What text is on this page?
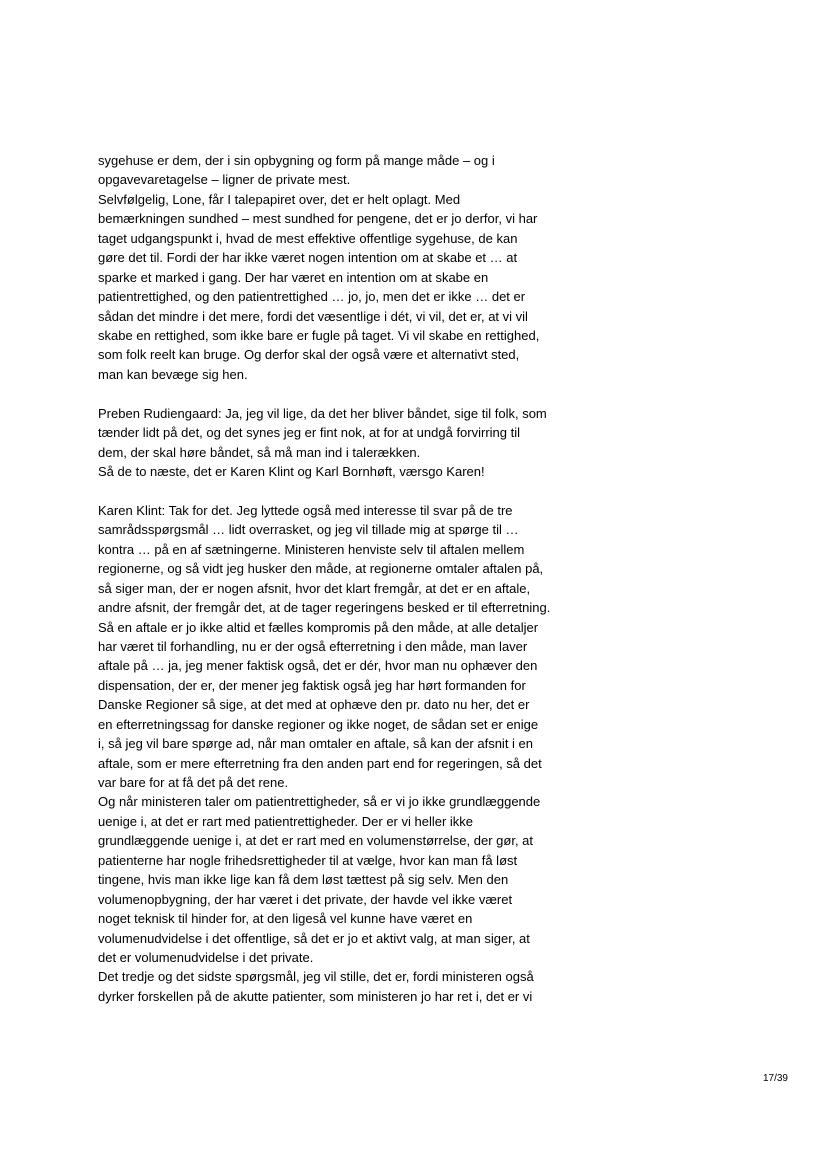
sygehuse er dem, der i sin opbygning og form på mange måde – og i
opgavevaretagelse – ligner de private mest.
Selvfølgelig, Lone, får I talepapiret over, det er helt oplagt. Med
bemærkningen sundhed – mest sundhed for pengene, det er jo derfor, vi har
taget udgangspunkt i, hvad de mest effektive offentlige sygehuse, de kan
gøre det til. Fordi der har ikke været nogen intention om at skabe et … at
sparke et marked i gang. Der har været en intention om at skabe en
patientrettighed, og den patientrettighed … jo, jo, men det er ikke … det er
sådan det mindre i det mere, fordi det væsentlige i dét, vi vil, det er, at vi vil
skabe en rettighed, som ikke bare er fugle på taget. Vi vil skabe en rettighed,
som folk reelt kan bruge. Og derfor skal der også være et alternativt sted,
man kan bevæge sig hen.
Preben Rudiengaard: Ja, jeg vil lige, da det her bliver båndet, sige til folk, som
tænder lidt på det, og det synes jeg er fint nok, at for at undgå forvirring til
dem, der skal høre båndet, så må man ind i talerækken.
Så de to næste, det er Karen Klint og Karl Bornhøft, værsgo Karen!
Karen Klint: Tak for det. Jeg lyttede også med interesse til svar på de tre
samrådsspørgsmål … lidt overrasket, og jeg vil tillade mig at spørge til …
kontra … på en af sætningerne. Ministeren henviste selv til aftalen mellem
regionerne, og så vidt jeg husker den måde, at regionerne omtaler aftalen på,
så siger man, der er nogen afsnit, hvor det klart fremgår, at det er en aftale,
andre afsnit, der fremgår det, at de tager regeringens besked er til efterretning.
Så en aftale er jo ikke altid et fælles kompromis på den måde, at alle detaljer
har været til forhandling, nu er der også efterretning i den måde, man laver
aftale på … ja, jeg mener faktisk også, det er dér, hvor man nu ophæver den
dispensation, der er, der mener jeg faktisk også jeg har hørt formanden for
Danske Regioner så sige, at det med at ophæve den pr. dato nu her, det er
en efterretningssag for danske regioner og ikke noget, de sådan set er enige
i, så jeg vil bare spørge ad, når man omtaler en aftale, så kan der afsnit i en
aftale, som er mere efterretning fra den anden part end for regeringen, så det
var bare for at få det på det rene.
Og når ministeren taler om patientrettigheder, så er vi jo ikke grundlæggende
uenige i, at det er rart med patientrettigheder. Der er vi heller ikke
grundlæggende uenige i, at det er rart med en volumenstørrelse, der gør, at
patienterne har nogle frihedsrettigheder til at vælge, hvor kan man få løst
tingene, hvis man ikke lige kan få dem løst tættest på sig selv. Men den
volumenopbygning, der har været i det private, der havde vel ikke været
noget teknisk til hinder for, at den ligeså vel kunne have været en
volumenudvidelse i det offentlige, så det er jo et aktivt valg, at man siger, at
det er volumenudvidelse i det private.
Det tredje og det sidste spørgsmål, jeg vil stille, det er, fordi ministeren også
dyrker forskellen på de akutte patienter, som ministeren jo har ret i, det er vi
17/39
